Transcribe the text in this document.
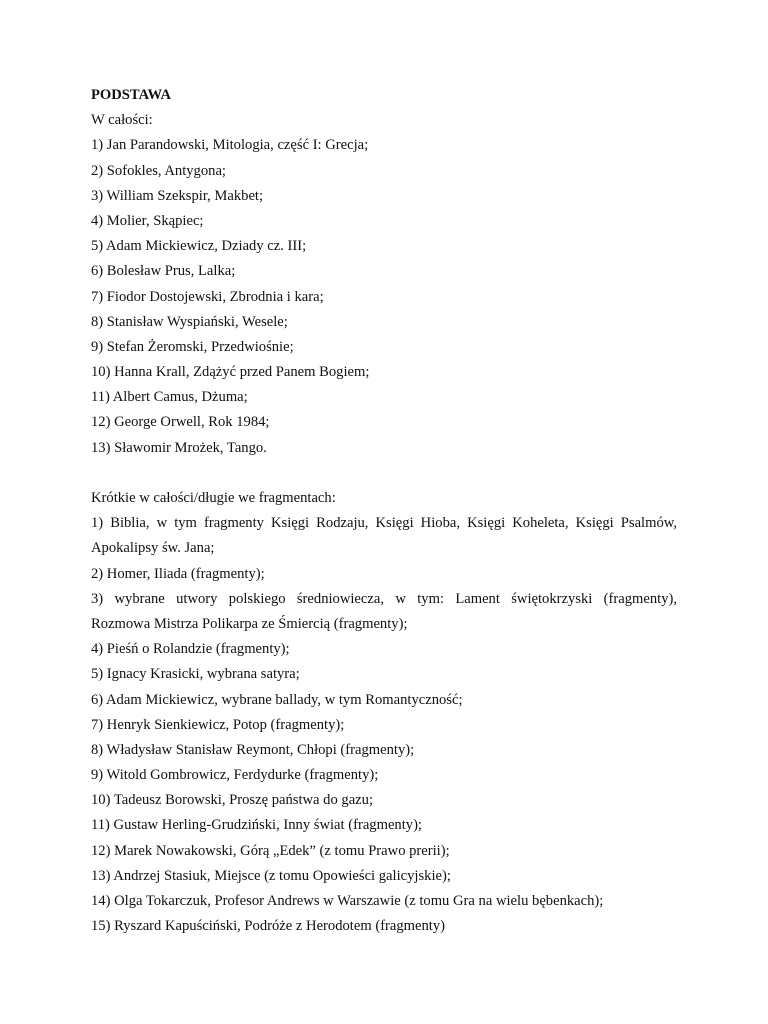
PODSTAWA
W całości:
1) Jan Parandowski, Mitologia, część I: Grecja;
2) Sofokles, Antygona;
3) William Szekspir, Makbet;
4) Molier, Skąpiec;
5) Adam Mickiewicz, Dziady cz. III;
6) Bolesław Prus, Lalka;
7) Fiodor Dostojewski, Zbrodnia i kara;
8) Stanisław Wyspiański, Wesele;
9) Stefan Żeromski, Przedwiośnie;
10) Hanna Krall, Zdążyć przed Panem Bogiem;
11) Albert Camus, Dżuma;
12) George Orwell, Rok 1984;
13) Sławomir Mrożek, Tango.
Krótkie w całości/długie we fragmentach:
1) Biblia, w tym fragmenty Księgi Rodzaju, Księgi Hioba, Księgi Koheleta, Księgi Psalmów,
Apokalipsy św. Jana;
2) Homer, Iliada (fragmenty);
3) wybrane utwory polskiego średniowiecza, w tym: Lament świętokrzyski (fragmenty),
Rozmowa Mistrza Polikarpa ze Śmiercią (fragmenty);
4) Pieśń o Rolandzie (fragmenty);
5) Ignacy Krasicki, wybrana satyra;
6) Adam Mickiewicz, wybrane ballady, w tym Romantyczność;
7) Henryk Sienkiewicz, Potop (fragmenty);
8) Władysław Stanisław Reymont, Chłopi (fragmenty);
9) Witold Gombrowicz, Ferdydurke (fragmenty);
10) Tadeusz Borowski, Proszę państwa do gazu;
11) Gustaw Herling-Grudziński, Inny świat (fragmenty);
12) Marek Nowakowski, Górą „Edek” (z tomu Prawo prerii);
13) Andrzej Stasiuk, Miejsce (z tomu Opowieści galicyjskie);
14) Olga Tokarczuk, Profesor Andrews w Warszawie (z tomu Gra na wielu bębenkach);
15) Ryszard Kapuściński, Podróże z Herodotem (fragmenty)
